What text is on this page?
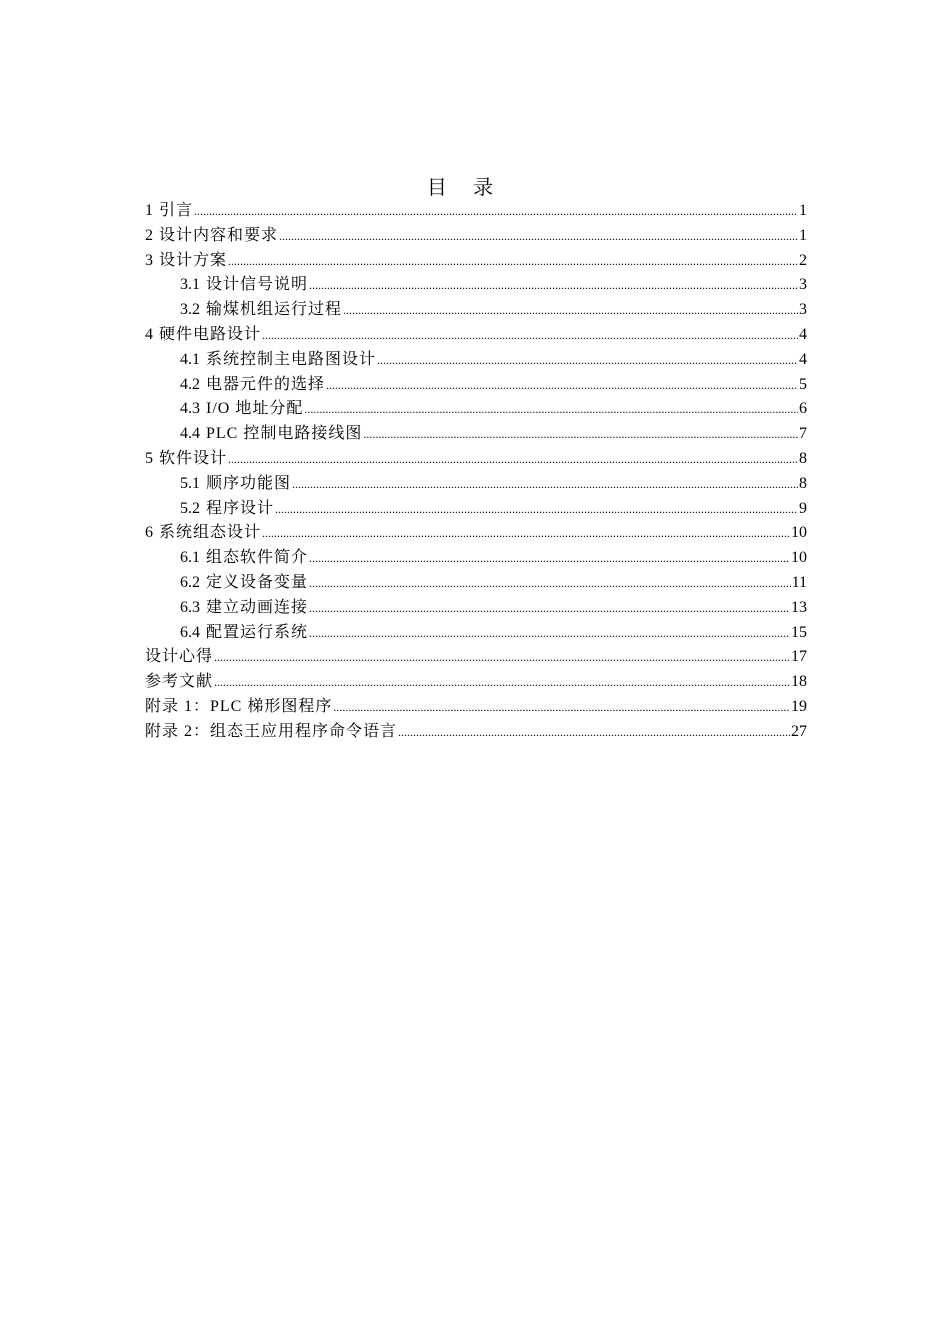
目 录
1 引言 .....	1
2 设计内容和要求 .....	1
3 设计方案 .....	2
3.1 设计信号说明 .....	3
3.2 输煤机组运行过程 .....	3
4 硬件电路设计 .....	4
4.1 系统控制主电路图设计 .....	4
4.2 电器元件的选择 .....	5
4.3 I/O 地址分配 .....	6
4.4 PLC 控制电路接线图 .....	7
5 软件设计 .....	8
5.1 顺序功能图 .....	8
5.2 程序设计 .....	9
6 系统组态设计 .....	10
6.1 组态软件简介 .....	10
6.2 定义设备变量 .....	11
6.3 建立动画连接 .....	13
6.4 配置运行系统 .....	15
设计心得 .....	17
参考文献 .....	18
附录 1：PLC 梯形图程序 .....	19
附录 2：组态王应用程序命令语言 .....	27
